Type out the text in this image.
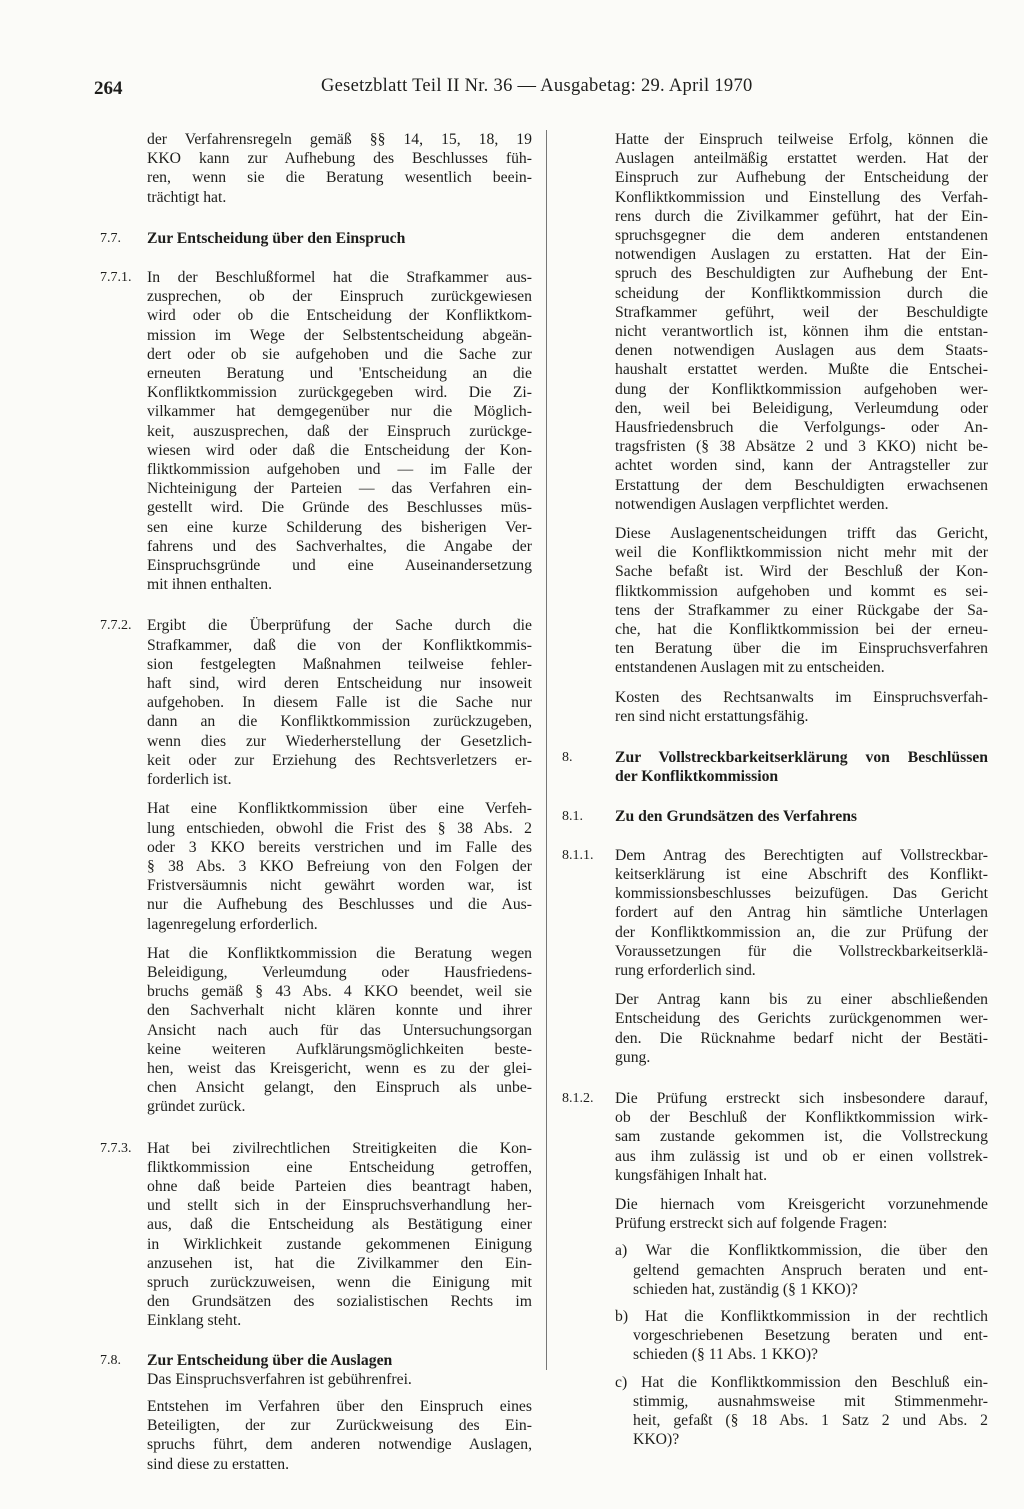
264	Gesetzblatt Teil II Nr. 36 — Ausgabetag: 29. April 1970
der Verfahrensregeln gemäß §§ 14, 15, 18, 19
KKO kann zur Aufhebung des Beschlusses füh-
ren, wenn sie die Beratung wesentlich beein-
trächtigt hat.
7.7. Zur Entscheidung über den Einspruch
7.7.1. In der Beschlußformel hat die Strafkammer aus-
zusprechen, ob der Einspruch zurückgewiesen
wird oder ob die Entscheidung der Konfliktkom-
mission im Wege der Selbstentscheidung abgeän-
dert oder ob sie aufgehoben und die Sache zur
erneuten Beratung und 'Entscheidung an die
Konfliktkommission zurückgegeben wird. Die Zi-
vilkammer hat demgegenüber nur die Möglich-
keit, auszusprechen, daß der Einspruch zurückge-
wiesen wird oder daß die Entscheidung der Kon-
fliktkommission aufgehoben und — im Falle der
Nichteinigung der Parteien — das Verfahren ein-
gestellt wird. Die Gründe des Beschlusses müs-
sen eine kurze Schilderung des bisherigen Ver-
fahrens und des Sachverhaltes, die Angabe der
Einspruchsgründe und eine Auseinandersetzung
mit ihnen enthalten.
7.7.2. Ergibt die Überprüfung der Sache durch die
Strafkammer, daß die von der Konfliktkommis-
sion festgelegten Maßnahmen teilweise fehler-
haft sind, wird deren Entscheidung nur insoweit
aufgehoben. In diesem Falle ist die Sache nur
dann an die Konfliktkommission zurückzugeben,
wenn dies zur Wiederherstellung der Gesetzlich-
keit oder zur Erziehung des Rechtsverletzers er-
forderlich ist.
Hat eine Konfliktkommission über eine Verfeh-
lung entschieden, obwohl die Frist des § 38 Abs. 2
oder 3 KKO bereits verstrichen und im Falle des
§ 38 Abs. 3 KKO Befreiung von den Folgen der
Fristversäumnis nicht gewährt worden war, ist
nur die Aufhebung des Beschlusses und die Aus-
lagenregelung erforderlich.
Hat die Konfliktkommission die Beratung wegen
Beleidigung, Verleumdung oder Hausfriedens-
bruchs gemäß § 43 Abs. 4 KKO beendet, weil sie
den Sachverhalt nicht klären konnte und ihrer
Ansicht nach auch für das Untersuchungsorgan
keine weiteren Aufklärungsmöglichkeiten beste-
hen, weist das Kreisgericht, wenn es zu der glei-
chen Ansicht gelangt, den Einspruch als unbe-
gründet zurück.
7.7.3. Hat bei zivilrechtlichen Streitigkeiten die Kon-
fliktkommission eine Entscheidung getroffen,
ohne daß beide Parteien dies beantragt haben,
und stellt sich in der Einspruchsverhandlung her-
aus, daß die Entscheidung als Bestätigung einer
in Wirklichkeit zustande gekommenen Einigung
anzusehen ist, hat die Zivilkammer den Ein-
spruch zurückzuweisen, wenn die Einigung mit
den Grundsätzen des sozialistischen Rechts im
Einklang steht.
7.8. Zur Entscheidung über die Auslagen
Das Einspruchsverfahren ist gebührenfrei.
Entstehen im Verfahren über den Einspruch eines
Beteiligten, der zur Zurückweisung des Ein-
spruchs führt, dem anderen notwendige Auslagen,
sind diese zu erstatten.
Hatte der Einspruch teilweise Erfolg, können die
Auslagen anteilmäßig erstattet werden. Hat der
Einspruch zur Aufhebung der Entscheidung der
Konfliktkommission und Einstellung des Verfah-
rens durch die Zivilkammer geführt, hat der Ein-
spruchsgegner die dem anderen entstandenen
notwendigen Auslagen zu erstatten. Hat der Ein-
spruch des Beschuldigten zur Aufhebung der Ent-
scheidung der Konfliktkommission durch die
Strafkammer geführt, weil der Beschuldigte
nicht verantwortlich ist, können ihm die entstan-
denen notwendigen Auslagen aus dem Staats-
haushalt erstattet werden. Mußte die Entschei-
dung der Konfliktkommission aufgehoben wer-
den, weil bei Beleidigung, Verleumdung oder
Hausfriedensbruch die Verfolgungs- oder An-
tragsfristen (§ 38 Absätze 2 und 3 KKO) nicht be-
achtet worden sind, kann der Antragsteller zur
Erstattung der dem Beschuldigten erwachsenen
notwendigen Auslagen verpflichtet werden.
Diese Auslagenentscheidungen trifft das Gericht,
weil die Konfliktkommission nicht mehr mit der
Sache befaßt ist. Wird der Beschluß der Kon-
fliktkommission aufgehoben und kommt es sei-
tens der Strafkammer zu einer Rückgabe der Sa-
che, hat die Konfliktkommission bei der erneu-
ten Beratung über die im Einspruchsverfahren
entstandenen Auslagen mit zu entscheiden.
Kosten des Rechtsanwalts im Einspruchsverfah-
ren sind nicht erstattungsfähig.
8.	Zur Vollstreckbarkeitserklärung von Beschlüssen
der Konfliktkommission
8.1. Zu den Grundsätzen des Verfahrens
8.1.1. Dem Antrag des Berechtigten auf Vollstreckbar-
keitserklärung ist eine Abschrift des Konflikt-
kommissionsbeschlusses beizufügen. Das Gericht
fordert auf den Antrag hin sämtliche Unterlagen
der Konfliktkommission an, die zur Prüfung der
Voraussetzungen für die Vollstreckbarkeitserklä-
rung erforderlich sind.
Der Antrag kann bis zu einer abschließenden
Entscheidung des Gerichts zurückgenommen wer-
den. Die Rücknahme bedarf nicht der Bestäti-
gung.
8.1.2. Die Prüfung erstreckt sich insbesondere darauf,
ob der Beschluß der Konfliktkommission wirk-
sam zustande gekommen ist, die Vollstreckung
aus ihm zulässig ist und ob er einen vollstrek-
kungsfähigen Inhalt hat.
Die hiernach vom Kreisgericht vorzunehmende
Prüfung erstreckt sich auf folgende Fragen:
a) War die Konfliktkommission, die über den
geltend gemachten Anspruch beraten und ent-
schieden hat, zuständig (§ 1 KKO)?
b) Hat die Konfliktkommission in der rechtlich
vorgeschriebenen Besetzung beraten und ent-
schieden (§ 11 Abs. 1 KKO)?
c) Hat die Konfliktkommission den Beschluß ein-
stimmig, ausnahmsweise mit Stimmenmehr-
heit, gefaßt (§ 18 Abs. 1 Satz 2 und Abs. 2
KKO)?
